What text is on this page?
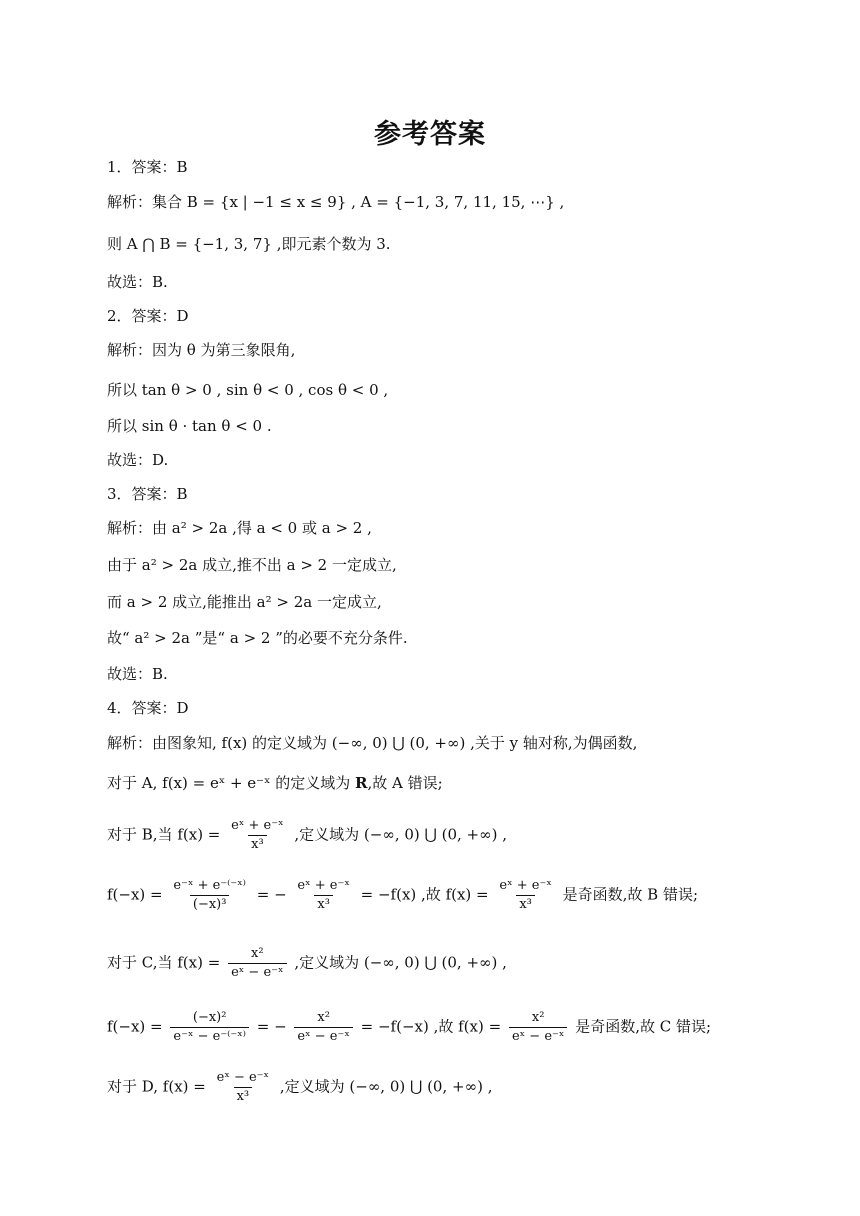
参考答案
1．答案：B
解析：集合 B = {x | −1 ≤ x ≤ 9} , A = {−1, 3, 7, 11, 15, ⋯} ,
则 A ⋂ B = {−1, 3, 7} ,即元素个数为 3.
故选：B.
2．答案：D
解析：因为 θ 为第三象限角,
所以 tan θ > 0 , sin θ < 0 , cos θ < 0 ,
所以 sin θ · tan θ < 0 .
故选：D.
3．答案：B
解析：由 a² > 2a ,得 a < 0 或 a > 2 ,
由于 a² > 2a 成立,推不出 a > 2 一定成立,
而 a > 2 成立,能推出 a² > 2a 一定成立,
故“ a² > 2a ”是“ a > 2 ”的必要不充分条件.
故选：B.
4．答案：D
解析：由图象知, f(x) 的定义域为 (−∞, 0) ⋃ (0, +∞) ,关于 y 轴对称,为偶函数,
对于 A, f(x) = eˣ + e⁻ˣ 的定义域为 R,故 A 错误;
对于 B,当 $f(x) = \frac{\text{eˣ + e⁻ˣ}}{\text{x³}}$ ,定义域为 (−∞, 0) ⋃ (0, +∞) ,
$f(-x) = \frac{\text{e⁻ˣ + e⁻⁽⁻ˣ⁾}}{\text{(−x)³}}$ = − $\frac{\text{eˣ + e⁻ˣ}}{\text{x³}} = -f(x)$ ,故 $f(x) = \frac{\text{eˣ + e⁻ˣ}}{\text{x³}}$ 是奇函数,故 B 错误;
对于 C,当 $f(x) = \frac{\text{x²}}{\text{eˣ − e⁻ˣ}}$ ,定义域为 (−∞, 0) ⋃ (0, +∞) ,
$f(-x) = \frac{\text{(−x)²}}{\text{e⁻ˣ − e⁻⁽⁻ˣ⁾}}$ = − $\frac{\text{x²}}{\text{eˣ − e⁻ˣ}} = -f(-x)$ ,故 $f(x) = \frac{\text{x²}}{\text{eˣ − e⁻ˣ}}$ 是奇函数,故 C 错误;
对于 D, $f(x) = \frac{\text{eˣ − e⁻ˣ}}{\text{x³}}$ ,定义域为 (−∞, 0) ⋃ (0, +∞) ,
